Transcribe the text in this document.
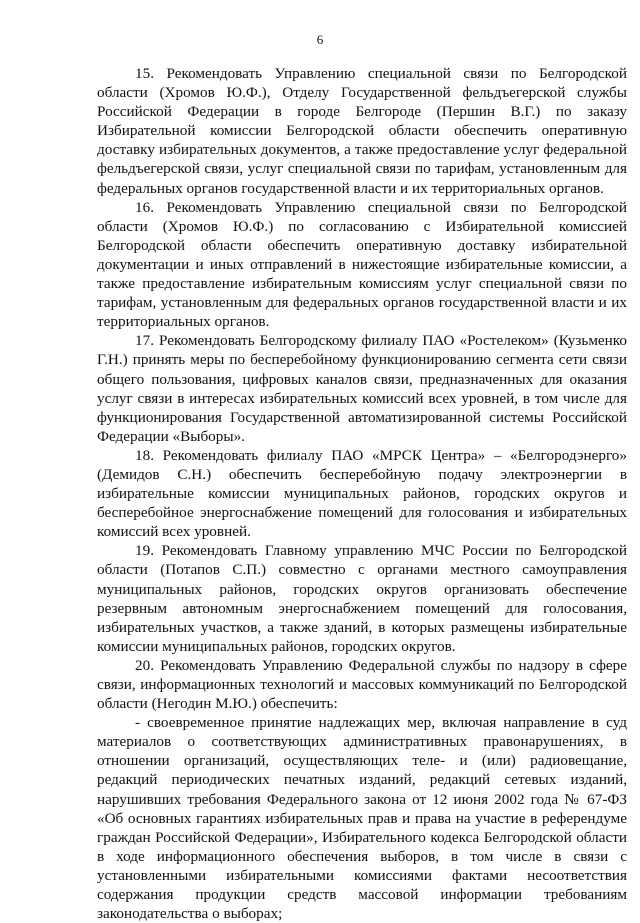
6

15. Рекомендовать Управлению специальной связи по Белгородской области (Хромов Ю.Ф.), Отделу Государственной фельдъегерской службы Российской Федерации в городе Белгороде (Першин В.Г.) по заказу Избирательной комиссии Белгородской области обеспечить оперативную доставку избирательных документов, а также предоставление услуг федеральной фельдъегерской связи, услуг специальной связи по тарифам, установленным для федеральных органов государственной власти и их территориальных органов.

16. Рекомендовать Управлению специальной связи по Белгородской области (Хромов Ю.Ф.) по согласованию с Избирательной комиссией Белгородской области обеспечить оперативную доставку избирательной документации и иных отправлений в нижестоящие избирательные комиссии, а также предоставление избирательным комиссиям услуг специальной связи по тарифам, установленным для федеральных органов государственной власти и их территориальных органов.

17. Рекомендовать Белгородскому филиалу ПАО «Ростелеком» (Кузьменко Г.Н.) принять меры по бесперебойному функционированию сегмента сети связи общего пользования, цифровых каналов связи, предназначенных для оказания услуг связи в интересах избирательных комиссий всех уровней, в том числе для функционирования Государственной автоматизированной системы Российской Федерации «Выборы».

18. Рекомендовать филиалу ПАО «МРСК Центра» – «Белгородэнерго» (Демидов С.Н.) обеспечить бесперебойную подачу электроэнергии в избирательные комиссии муниципальных районов, городских округов и бесперебойное энергоснабжение помещений для голосования и избирательных комиссий всех уровней.

19. Рекомендовать Главному управлению МЧС России по Белгородской области (Потапов С.П.) совместно с органами местного самоуправления муниципальных районов, городских округов организовать обеспечение резервным автономным энергоснабжением помещений для голосования, избирательных участков, а также зданий, в которых размещены избирательные комиссии муниципальных районов, городских округов.

20. Рекомендовать Управлению Федеральной службы по надзору в сфере связи, информационных технологий и массовых коммуникаций по Белгородской области (Негодин М.Ю.) обеспечить:

- своевременное принятие надлежащих мер, включая направление в суд материалов о соответствующих административных правонарушениях, в отношении организаций, осуществляющих теле- и (или) радиовещание, редакций периодических печатных изданий, редакций сетевых изданий, нарушивших требования Федерального закона от 12 июня 2002 года № 67-ФЗ «Об основных гарантиях избирательных прав и права на участие в референдуме граждан Российской Федерации», Избирательного кодекса Белгородской области в ходе информационного обеспечения выборов, в том числе в связи с установленными избирательными комиссиями фактами несоответствия содержания продукции средств массовой информации требованиям законодательства о выборах;
